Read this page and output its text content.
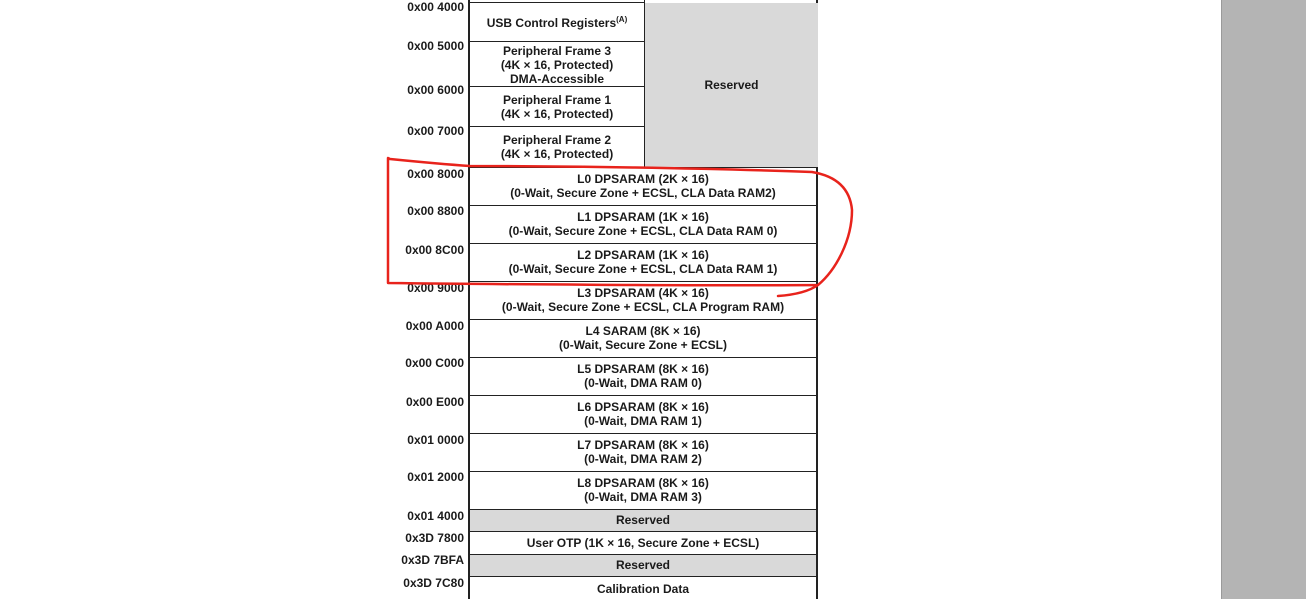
0x00 4000
0x00 5000
0x00 6000
0x00 7000
0x00 8000
0x00 8800
0x00 8C00
0x00 9000
0x00 A000
0x00 C000
0x00 E000
0x01 0000
0x01 2000
0x01 4000
0x3D 7800
0x3D 7BFA
0x3D 7C80
Reserved
USB Control Registers$^{(A)}$
Peripheral Frame 3
(4K × 16, Protected)
DMA-Accessible
Peripheral Frame 1
(4K × 16, Protected)
Peripheral Frame 2
(4K × 16, Protected)
L0 DPSARAM (2K × 16)
(0-Wait, Secure Zone + ECSL, CLA Data RAM2)
L1 DPSARAM (1K × 16)
(0-Wait, Secure Zone + ECSL, CLA Data RAM 0)
L2 DPSARAM (1K × 16)
(0-Wait, Secure Zone + ECSL, CLA Data RAM 1)
L3 DPSARAM (4K × 16)
(0-Wait, Secure Zone + ECSL, CLA Program RAM)
L4 SARAM (8K × 16)
(0-Wait, Secure Zone + ECSL)
L5 DPSARAM (8K × 16)
(0-Wait, DMA RAM 0)
L6 DPSARAM (8K × 16)
(0-Wait, DMA RAM 1)
L7 DPSARAM (8K × 16)
(0-Wait, DMA RAM 2)
L8 DPSARAM (8K × 16)
(0-Wait, DMA RAM 3)
Reserved
User OTP (1K × 16, Secure Zone + ECSL)
Reserved
Calibration Data
